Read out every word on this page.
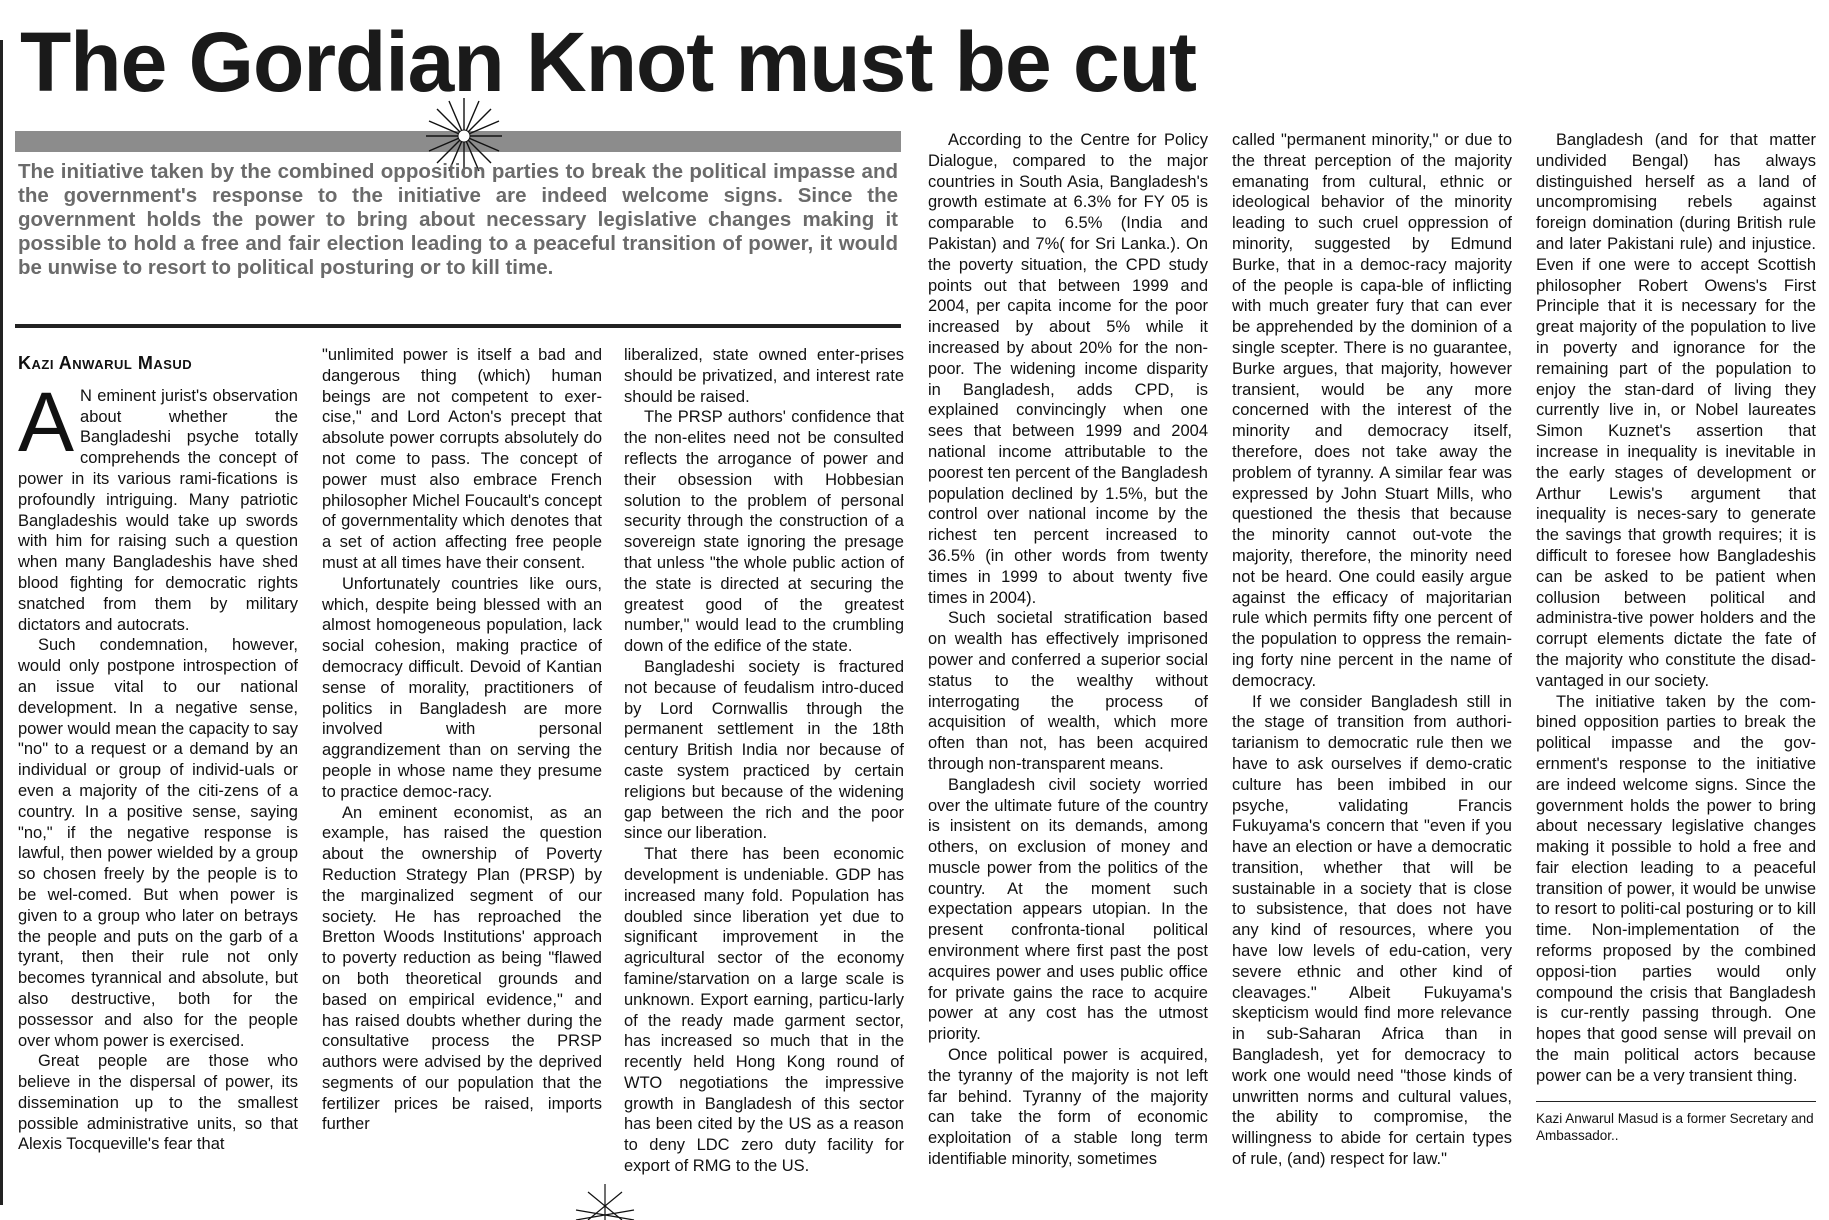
The Gordian Knot must be cut

The initiative taken by the combined opposition parties to break the political impasse and the government's response to the initiative are indeed welcome signs. Since the government holds the power to bring about necessary legislative changes making it possible to hold a free and fair election leading to a peaceful transition of power, it would be unwise to resort to political posturing or to kill time.

Kazi Anwarul Masud

A N eminent jurist's observation about whether the Bangladeshi psyche totally comprehends the concept of power in its various rami-fications is profoundly intriguing. Many patriotic Bangladeshis would take up swords with him for raising such a question when many Bangladeshis have shed blood fighting for democratic rights snatched from them by military dictators and autocrats.

Such condemnation, however, would only postpone introspection of an issue vital to our national development. In a negative sense, power would mean the capacity to say "no" to a request or a demand by an individual or group of individ-uals or even a majority of the citi-zens of a country. In a positive sense, saying "no," if the negative response is lawful, then power wielded by a group so chosen freely by the people is to be wel-comed. But when power is given to a group who later on betrays the people and puts on the garb of a tyrant, then their rule not only becomes tyrannical and absolute, but also destructive, both for the possessor and also for the people over whom power is exercised.

Great people are those who believe in the dispersal of power, its dissemination up to the smallest possible administrative units, so that Alexis Tocqueville's fear that

"unlimited power is itself a bad and dangerous thing (which) human beings are not competent to exer-cise," and Lord Acton's precept that absolute power corrupts absolutely do not come to pass. The concept of power must also embrace French philosopher Michel Foucault's concept of governmentality which denotes that a set of action affecting free people must at all times have their consent.

Unfortunately countries like ours, which, despite being blessed with an almost homogeneous population, lack social cohesion, making practice of democracy difficult. Devoid of Kantian sense of morality, practitioners of politics in Bangladesh are more involved with personal aggrandizement than on serving the people in whose name they presume to practice democ-racy.

An eminent economist, as an example, has raised the question about the ownership of Poverty Reduction Strategy Plan (PRSP) by the marginalized segment of our society. He has reproached the Bretton Woods Institutions' approach to poverty reduction as being "flawed on both theoretical grounds and based on empirical evidence," and has raised doubts whether during the consultative process the PRSP authors were advised by the deprived segments of our population that the fertilizer prices be raised, imports further

liberalized, state owned enter-prises should be privatized, and interest rate should be raised.

The PRSP authors' confidence that the non-elites need not be consulted reflects the arrogance of power and their obsession with Hobbesian solution to the problem of personal security through the construction of a sovereign state ignoring the presage that unless "the whole public action of the state is directed at securing the greatest good of the greatest number," would lead to the crumbling down of the edifice of the state.

Bangladeshi society is fractured not because of feudalism intro-duced by Lord Cornwallis through the permanent settlement in the 18th century British India nor because of caste system practiced by certain religions but because of the widening gap between the rich and the poor since our liberation.

That there has been economic development is undeniable. GDP has increased many fold. Population has doubled since liberation yet due to significant improvement in the agricultural sector of the economy famine/starvation on a large scale is unknown. Export earning, particu-larly of the ready made garment sector, has increased so much that in the recently held Hong Kong round of WTO negotiations the impressive growth in Bangladesh of this sector has been cited by the US as a reason to deny LDC zero duty facility for export of RMG to the US.

According to the Centre for Policy Dialogue, compared to the major countries in South Asia, Bangladesh's growth estimate at 6.3% for FY 05 is comparable to 6.5% (India and Pakistan) and 7%( for Sri Lanka.). On the poverty situation, the CPD study points out that between 1999 and 2004, per capita income for the poor increased by about 5% while it increased by about 20% for the non-poor. The widening income disparity in Bangladesh, adds CPD, is explained convincingly when one sees that between 1999 and 2004 national income attributable to the poorest ten percent of the Bangladesh population declined by 1.5%, but the control over national income by the richest ten percent increased to 36.5% (in other words from twenty times in 1999 to about twenty five times in 2004).

Such societal stratification based on wealth has effectively imprisoned power and conferred a superior social status to the wealthy without interrogating the process of acquisition of wealth, which more often than not, has been acquired through non-transparent means.

Bangladesh civil society worried over the ultimate future of the country is insistent on its demands, among others, on exclusion of money and muscle power from the politics of the country. At the moment such expectation appears utopian. In the present confronta-tional political environment where first past the post acquires power and uses public office for private gains the race to acquire power at any cost has the utmost priority.

Once political power is acquired, the tyranny of the majority is not left far behind. Tyranny of the majority can take the form of economic exploitation of a stable long term identifiable minority, sometimes

called "permanent minority," or due to the threat perception of the majority emanating from cultural, ethnic or ideological behavior of the minority leading to such cruel oppression of minority, suggested by Edmund Burke, that in a democ-racy majority of the people is capa-ble of inflicting with much greater fury that can ever be apprehended by the dominion of a single scepter. There is no guarantee, Burke argues, that majority, however transient, would be any more concerned with the interest of the minority and democracy itself, therefore, does not take away the problem of tyranny. A similar fear was expressed by John Stuart Mills, who questioned the thesis that because the minority cannot out-vote the majority, therefore, the minority need not be heard. One could easily argue against the efficacy of majoritarian rule which permits fifty one percent of the population to oppress the remain-ing forty nine percent in the name of democracy.

If we consider Bangladesh still in the stage of transition from authori-tarianism to democratic rule then we have to ask ourselves if demo-cratic culture has been imbibed in our psyche, validating Francis Fukuyama's concern that "even if you have an election or have a democratic transition, whether that will be sustainable in a society that is close to subsistence, that does not have any kind of resources, where you have low levels of edu-cation, very severe ethnic and other kind of cleavages." Albeit Fukuyama's skepticism would find more relevance in sub-Saharan Africa than in Bangladesh, yet for democracy to work one would need "those kinds of unwritten norms and cultural values, the ability to compromise, the willingness to abide for certain types of rule, (and) respect for law."

Bangladesh (and for that matter undivided Bengal) has always distinguished herself as a land of uncompromising rebels against foreign domination (during British rule and later Pakistani rule) and injustice. Even if one were to accept Scottish philosopher Robert Owens's First Principle that it is necessary for the great majority of the population to live in poverty and ignorance for the remaining part of the population to enjoy the stan-dard of living they currently live in, or Nobel laureates Simon Kuznet's assertion that increase in inequality is inevitable in the early stages of development or Arthur Lewis's argument that inequality is neces-sary to generate the savings that growth requires; it is difficult to foresee how Bangladeshis can be asked to be patient when collusion between political and administra-tive power holders and the corrupt elements dictate the fate of the majority who constitute the disad-vantaged in our society.

The initiative taken by the com-bined opposition parties to break the political impasse and the gov-ernment's response to the initiative are indeed welcome signs. Since the government holds the power to bring about necessary legislative changes making it possible to hold a free and fair election leading to a peaceful transition of power, it would be unwise to resort to politi-cal posturing or to kill time. Non-implementation of the reforms proposed by the combined opposi-tion parties would only compound the crisis that Bangladesh is cur-rently passing through. One hopes that good sense will prevail on the main political actors because power can be a very transient thing.

Kazi Anwarul Masud is a former Secretary and Ambassador..
